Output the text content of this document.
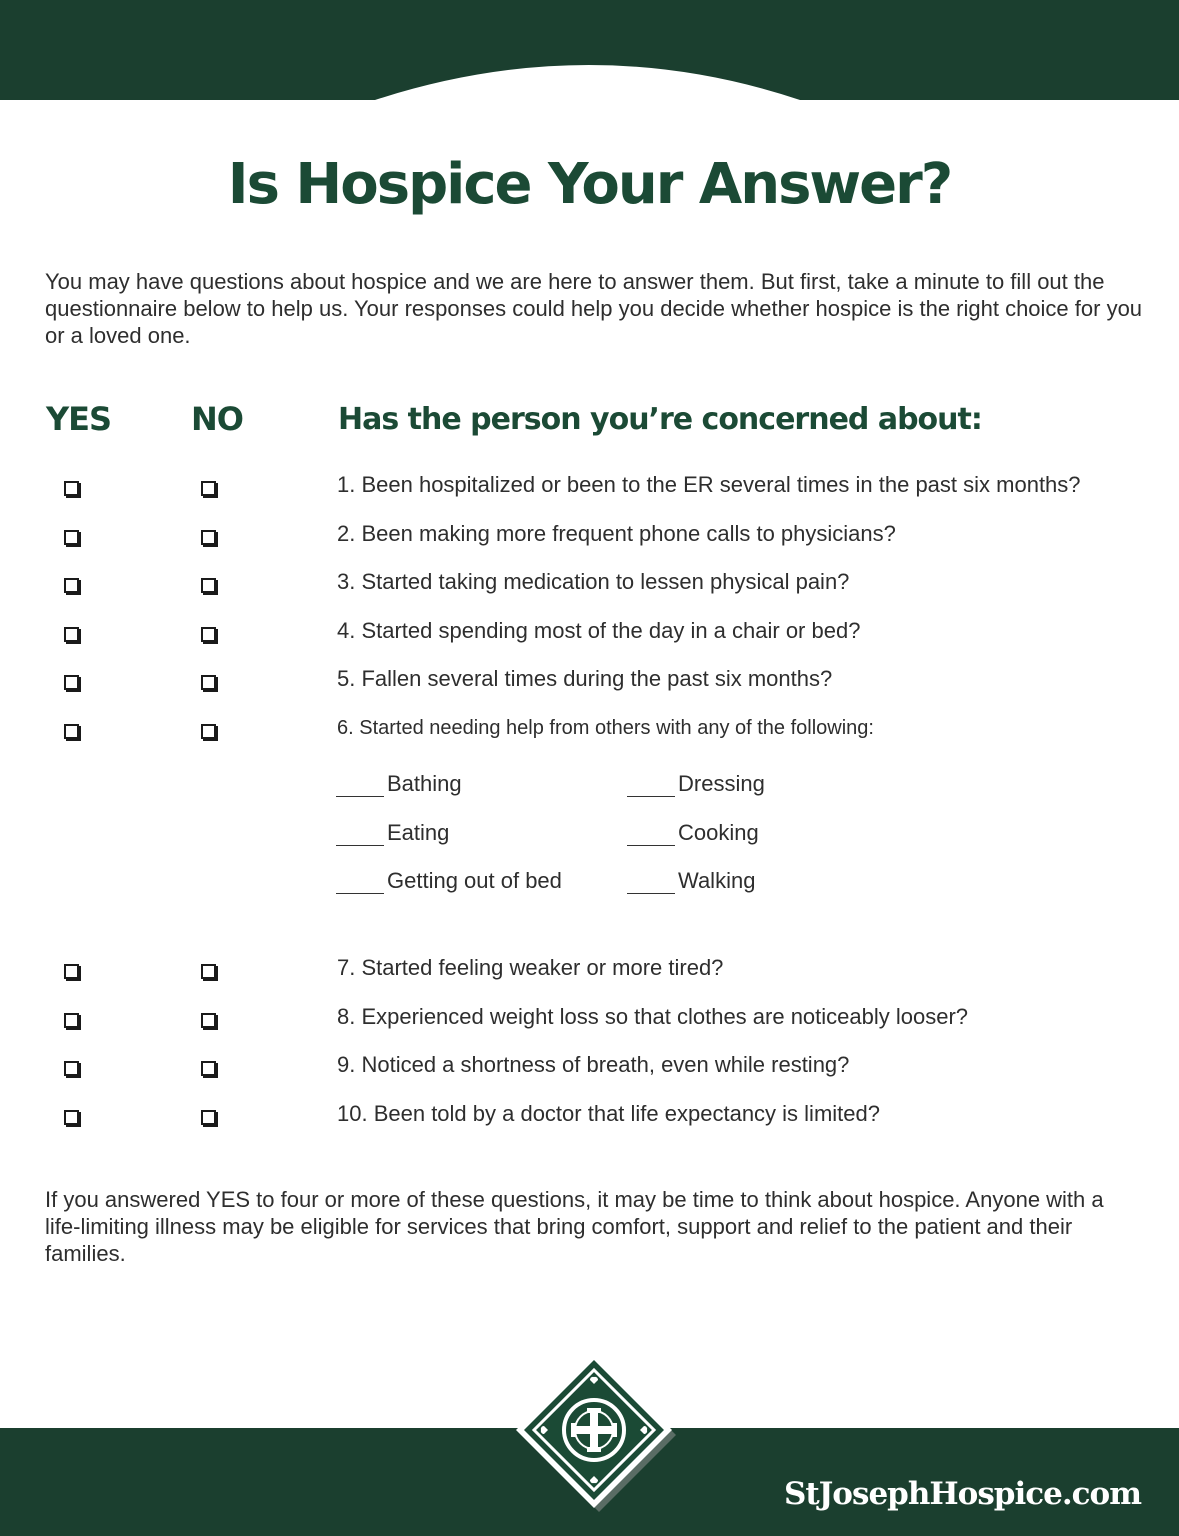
Is Hospice Your Answer?

You may have questions about hospice and we are here to answer them. But first, take a minute to fill out the questionnaire below to help us. Your responses could help you decide whether hospice is the right choice for you or a loved one.

YES NO	Has the person you’re concerned about:
1. Been hospitalized or been to the ER several times in the past six months?
2. Been making more frequent phone calls to physicians?
3. Started taking medication to lessen physical pain?
4. Started spending most of the day in a chair or bed?
5. Fallen several times during the past six months?
6. Started needing help from others with any of the following:
Bathing	Dressing
Eating	Cooking
Getting out of bed	Walking
7. Started feeling weaker or more tired?
8. Experienced weight loss so that clothes are noticeably looser?
9. Noticed a shortness of breath, even while resting?
10. Been told by a doctor that life expectancy is limited?

If you answered YES to four or more of these questions, it may be time to think about hospice. Anyone with a life-limiting illness may be eligible for services that bring comfort, support and relief to the patient and their families.

StJosephHospice.com
